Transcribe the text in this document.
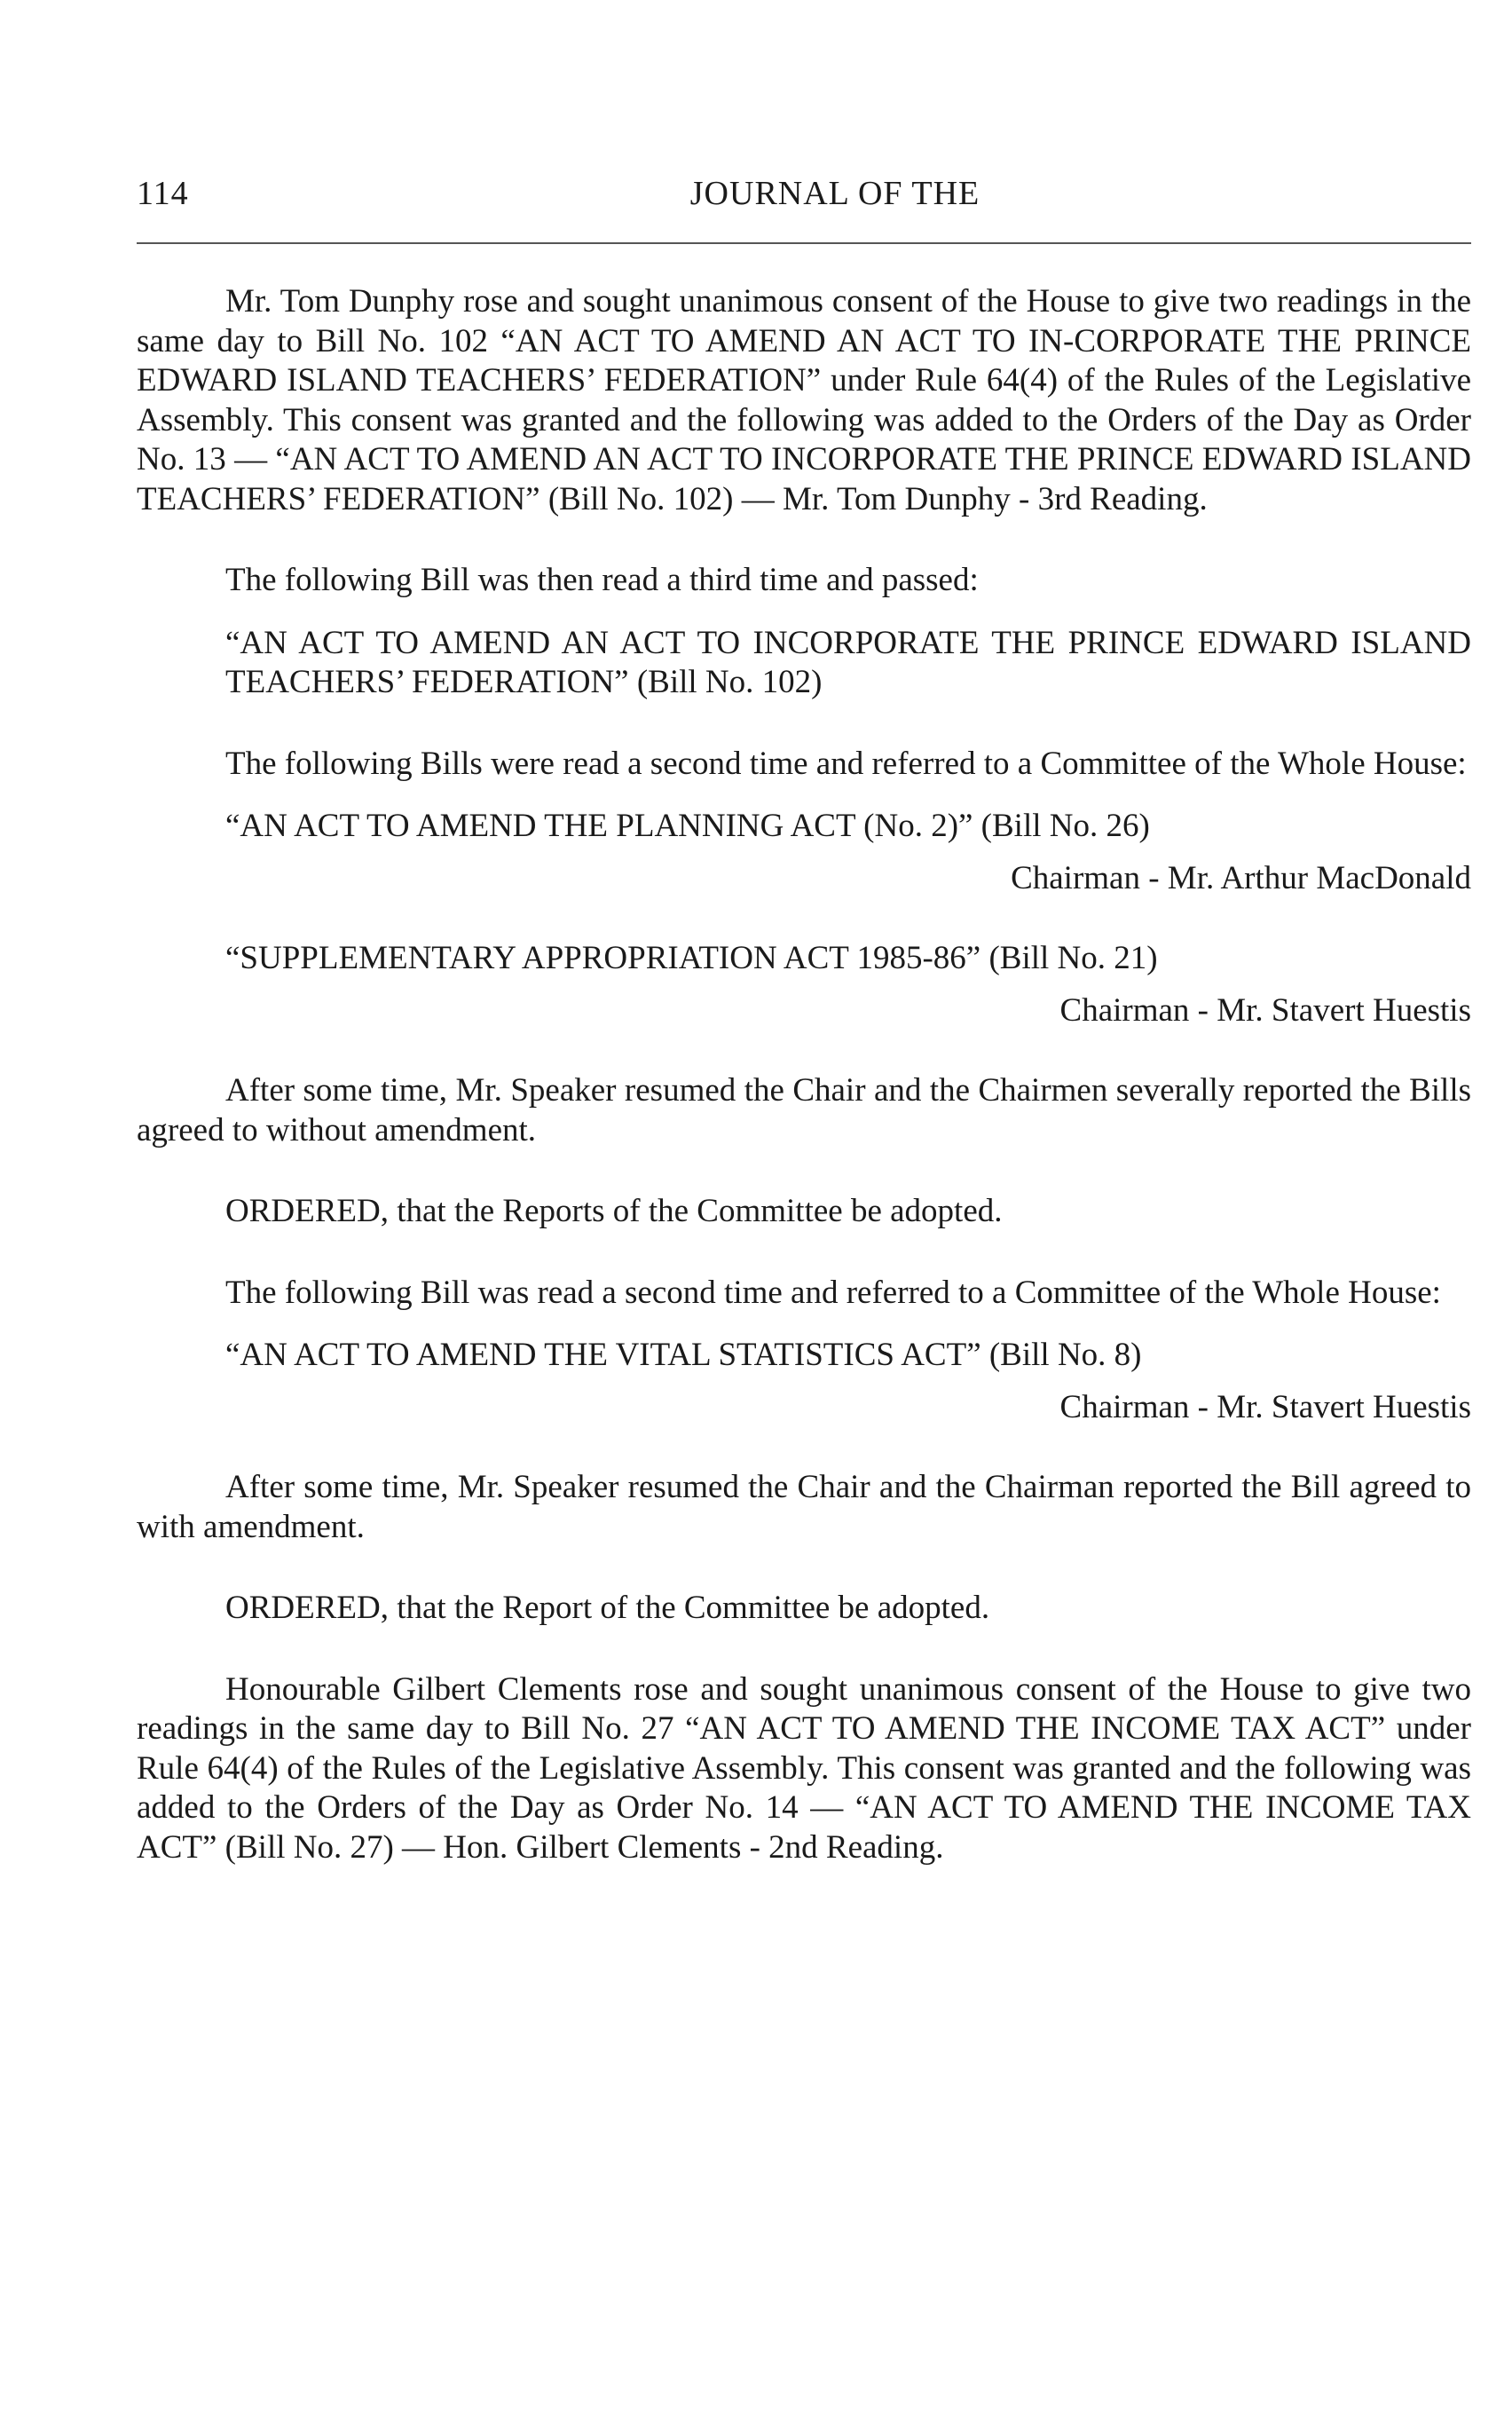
114	JOURNAL OF THE

Mr. Tom Dunphy rose and sought unanimous consent of the House to give two readings in the same day to Bill No. 102 “AN ACT TO AMEND AN ACT TO IN-CORPORATE THE PRINCE EDWARD ISLAND TEACHERS’ FEDERATION” under Rule 64(4) of the Rules of the Legislative Assembly. This consent was granted and the following was added to the Orders of the Day as Order No. 13 — “AN ACT TO AMEND AN ACT TO INCORPORATE THE PRINCE EDWARD ISLAND TEACHERS’ FEDERATION” (Bill No. 102) — Mr. Tom Dunphy - 3rd Reading.

The following Bill was then read a third time and passed:

“AN ACT TO AMEND AN ACT TO INCORPORATE THE PRINCE EDWARD ISLAND TEACHERS’ FEDERATION” (Bill No. 102)

The following Bills were read a second time and referred to a Committee of the Whole House:

“AN ACT TO AMEND THE PLANNING ACT (No. 2)” (Bill No. 26)

Chairman - Mr. Arthur MacDonald

“SUPPLEMENTARY APPROPRIATION ACT 1985-86” (Bill No. 21)

Chairman - Mr. Stavert Huestis

After some time, Mr. Speaker resumed the Chair and the Chairmen severally reported the Bills agreed to without amendment.

ORDERED, that the Reports of the Committee be adopted.

The following Bill was read a second time and referred to a Committee of the Whole House:

“AN ACT TO AMEND THE VITAL STATISTICS ACT” (Bill No. 8)

Chairman - Mr. Stavert Huestis

After some time, Mr. Speaker resumed the Chair and the Chairman reported the Bill agreed to with amendment.

ORDERED, that the Report of the Committee be adopted.

Honourable Gilbert Clements rose and sought unanimous consent of the House to give two readings in the same day to Bill No. 27 “AN ACT TO AMEND THE INCOME TAX ACT” under Rule 64(4) of the Rules of the Legislative Assembly. This consent was granted and the following was added to the Orders of the Day as Order No. 14 — “AN ACT TO AMEND THE INCOME TAX ACT” (Bill No. 27) — Hon. Gilbert Clements - 2nd Reading.
